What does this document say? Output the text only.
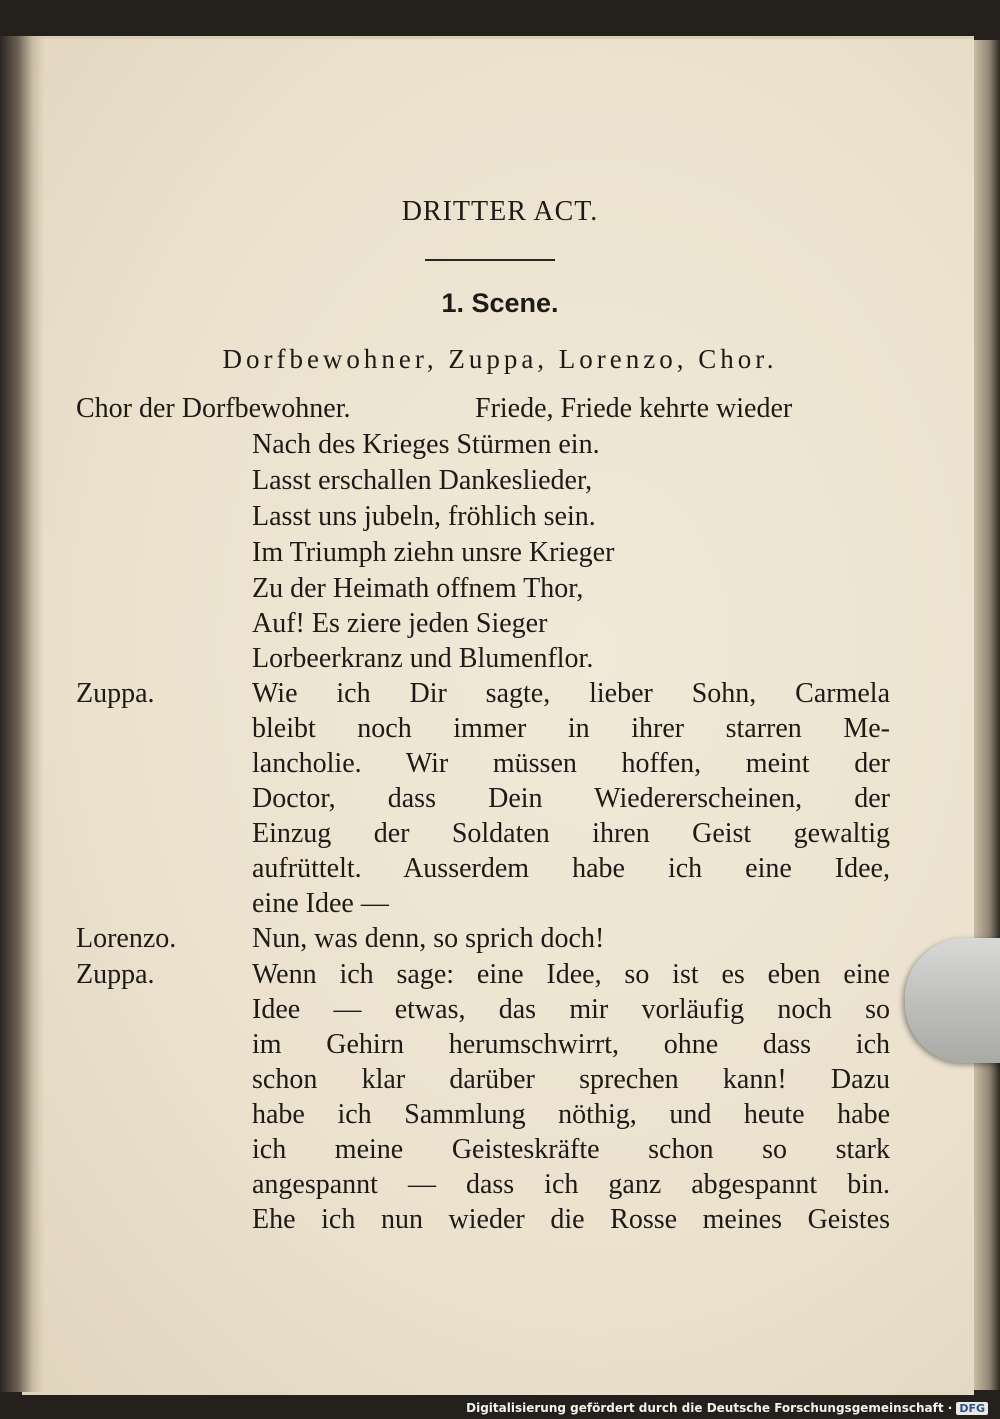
DRITTER ACT.
1. Scene.
Dorfbewohner, Zuppa, Lorenzo, Chor.
Chor der Dorfbewohner.	Friede, Friede kehrte wieder
Nach des Krieges Stürmen ein.
Lasst erschallen Dankeslieder,
Lasst uns jubeln, fröhlich sein.
Im Triumph ziehn unsre Krieger
Zu der Heimath offnem Thor,
Auf! Es ziere jeden Sieger
Lorbeerkranz und Blumenflor.
Zuppa.	Wie ich Dir sagte, lieber Sohn, Carmela
bleibt noch immer in ihrer starren Me-
lancholie. Wir müssen hoffen, meint der
Doctor, dass Dein Wiedererscheinen, der
Einzug der Soldaten ihren Geist gewaltig
aufrüttelt. Ausserdem habe ich eine Idee,
eine Idee —
Lorenzo.	Nun, was denn, so sprich doch!
Zuppa.	Wenn ich sage: eine Idee, so ist es eben eine
Idee — etwas, das mir vorläufig noch so
im Gehirn herumschwirrt, ohne dass ich
schon klar darüber sprechen kann! Dazu
habe ich Sammlung nöthig, und heute habe
ich meine Geisteskräfte schon so stark
angespannt — dass ich ganz abgespannt bin.
Ehe ich nun wieder die Rosse meines Geistes
Digitalisierung gefördert durch die Deutsche Forschungsgemeinschaft · DFG
